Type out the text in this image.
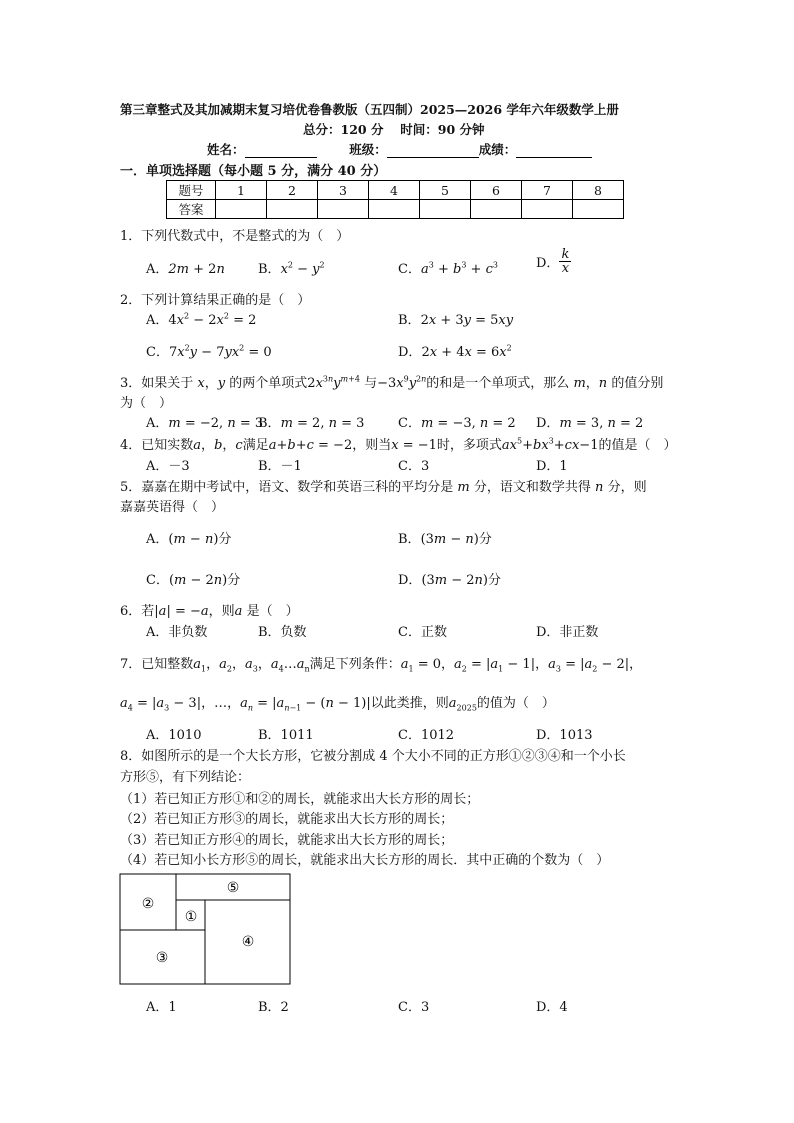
第三章整式及其加减期末复习培优卷鲁教版（五四制）2025—2026 学年六年级数学上册
总分：120 分　 时间：90 分钟
姓名：	班级：	成绩：
一．单项选择题（每小题 5 分，满分 40 分）
题号	1	2	3	4	5	6	7	8
答案								
1．下列代数式中，不是整式的为（　）
A．2m + 2n	B．$x^2 - y^2$	C．$a^3 + b^3 + c^3$	D． $\frac{k}{x}$
2．下列计算结果正确的是（　）
A．$4x^2 - 2x^2 = 2$	B．2x + 3y = 5xy
C．$7x^2y - 7yx^2 = 0$	D．$2x + 4x = 6x^2$
3．如果关于 x，y 的两个单项式$2x^{3n}y^{m+4}$ 与$-3x^9y^{2n}$的和是一个单项式，那么 m，n 的值分别
为（　）
A．m = −2, n = 3
B．m = 2, n = 3	C．m = −3, n = 2 D．m = 3, n = 2
4．已知实数a，b，c满足a+b+c = −2，则当x = −1时，多项式$ax^5+bx^3+cx-1$的值是（　）
A．－3	B．－1	C．3	D．1
5．嘉嘉在期中考试中，语文、数学和英语三科的平均分是 m 分，语文和数学共得 n 分，则
嘉嘉英语得（　）
A．(m − n)分	B．(3m − n)分
C．(m − 2n)分	D．(3m − 2n)分
6．若|a| = −a，则a 是（　）
A．非负数	B．负数	C．正数	D．非正数
7．已知整数$a_1$，$a_2$，$a_3$，$a_4\dots a_n$满足下列条件：$a_1 = 0$，$a_2 = |a_1 - 1|$，$a_3 = |a_2 - 2|$，
$a_4 = |a_3 - 3|$，…，$a_n = |a_{n-1} - (n - 1)|$以此类推，则$a_{2025}$的值为（　）
A．1010	B．1011	C．1012	D．1013
8．如图所示的是一个大长方形，它被分割成 4 个大小不同的正方形①②③④和一个小长
方形⑤，有下列结论：
（1）若已知正方形①和②的周长，就能求出大长方形的周长；
（2）若已知正方形③的周长，就能求出大长方形的周长；
（3）若已知正方形④的周长，就能求出大长方形的周长；
（4）若已知小长方形⑤的周长，就能求出大长方形的周长．其中正确的个数为（　）
②
⑤
①
③
④
A．1	B．2	C．3	D．4
